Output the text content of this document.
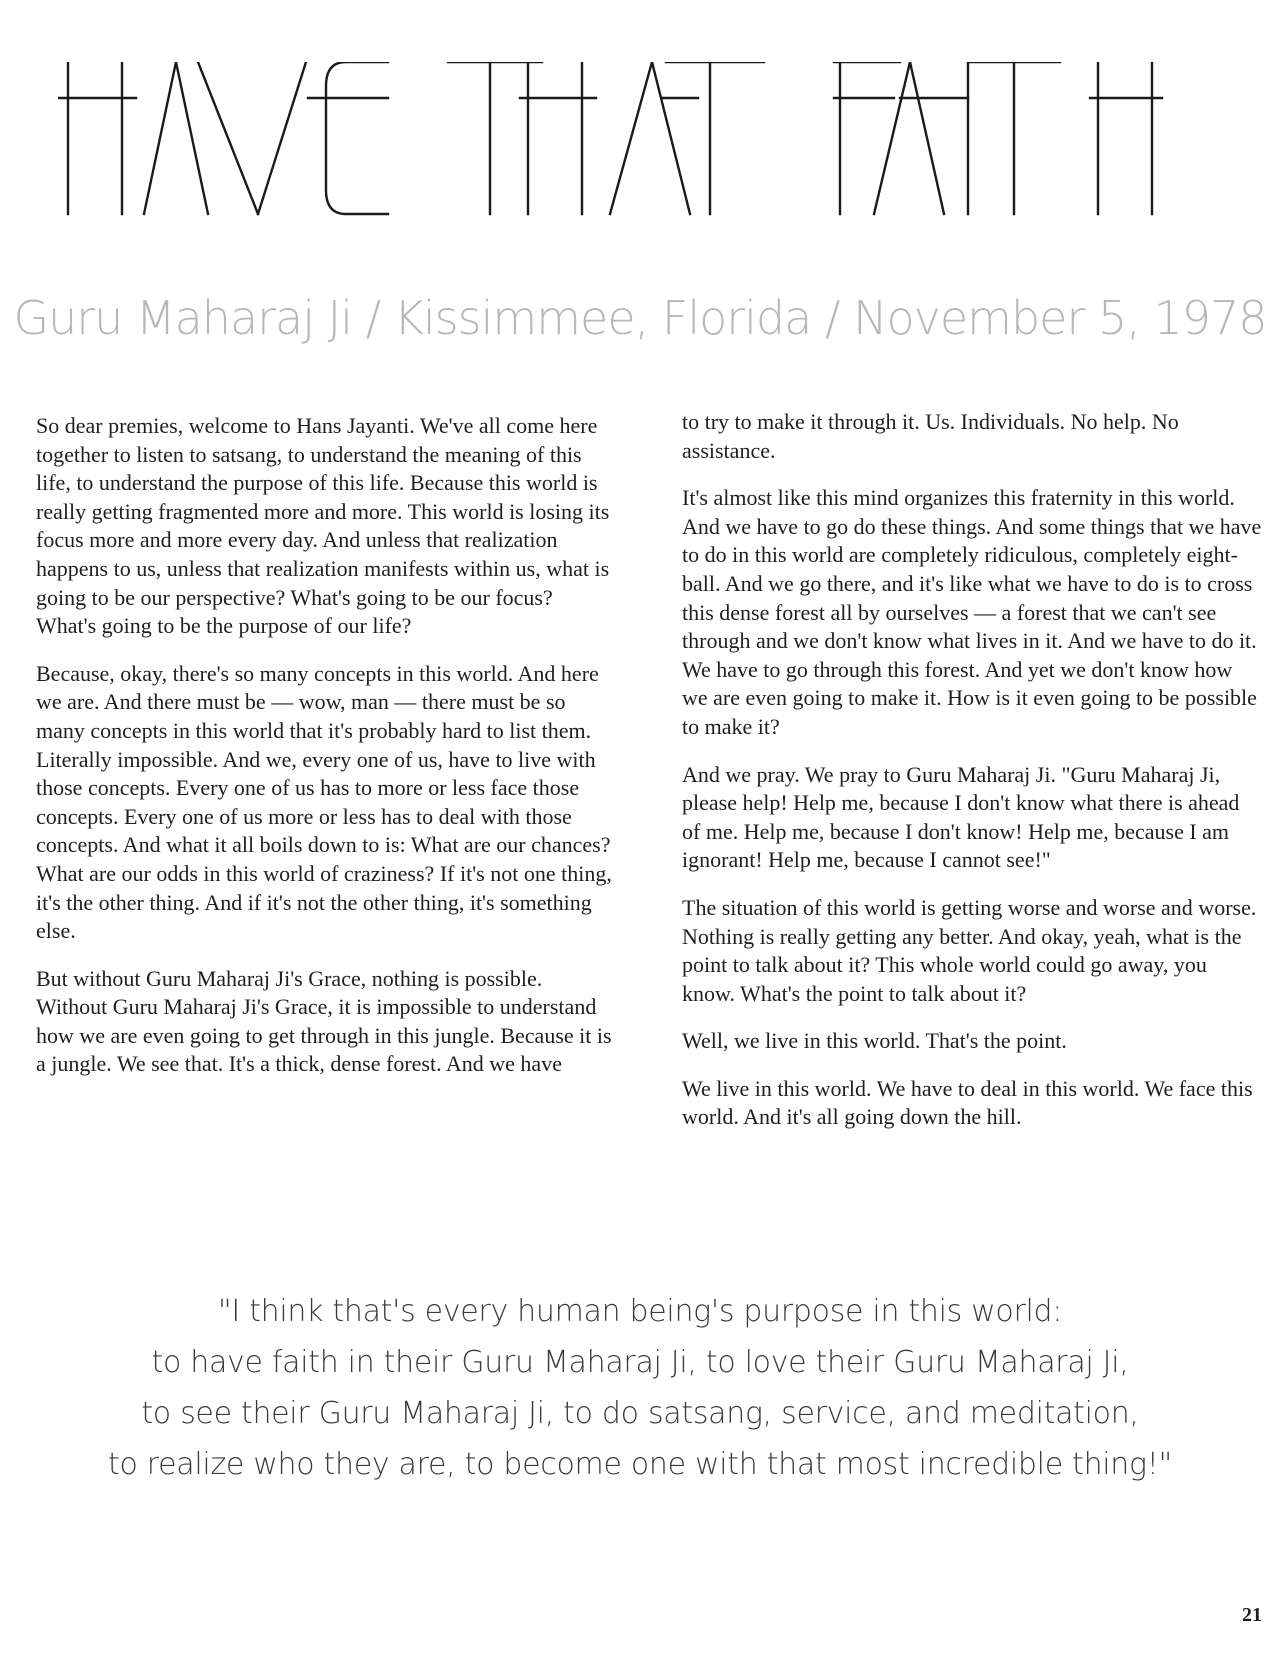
Guru Maharaj Ji / Kissimmee, Florida / November 5, 1978

So dear premies, welcome to Hans Jayanti. We've all come here together to listen to satsang, to understand the meaning of this life, to understand the purpose of this life. Because this world is really getting fragmented more and more. This world is losing its focus more and more every day. And unless that realization happens to us, unless that realization manifests within us, what is going to be our perspective? What's going to be our focus? What's going to be the purpose of our life?

Because, okay, there's so many concepts in this world. And here we are. And there must be — wow, man — there must be so many concepts in this world that it's probably hard to list them. Literally impossible. And we, every one of us, have to live with those concepts. Every one of us has to more or less face those concepts. Every one of us more or less has to deal with those concepts. And what it all boils down to is: What are our chances? What are our odds in this world of craziness? If it's not one thing, it's the other thing. And if it's not the other thing, it's something else.

But without Guru Maharaj Ji's Grace, nothing is possible. Without Guru Maharaj Ji's Grace, it is impossible to understand how we are even going to get through in this jungle. Because it is a jungle. We see that. It's a thick, dense forest. And we have

to try to make it through it. Us. Individuals. No help. No assistance.

It's almost like this mind organizes this fraternity in this world. And we have to go do these things. And some things that we have to do in this world are completely ridiculous, completely eight-ball. And we go there, and it's like what we have to do is to cross this dense forest all by ourselves — a forest that we can't see through and we don't know what lives in it. And we have to do it. We have to go through this forest. And yet we don't know how we are even going to make it. How is it even going to be possible to make it?

And we pray. We pray to Guru Maharaj Ji. "Guru Maharaj Ji, please help! Help me, because I don't know what there is ahead of me. Help me, because I don't know! Help me, because I am ignorant! Help me, because I cannot see!"

The situation of this world is getting worse and worse and worse. Nothing is really getting any better. And okay, yeah, what is the point to talk about it? This whole world could go away, you know. What's the point to talk about it?

Well, we live in this world. That's the point.

We live in this world. We have to deal in this world. We face this world. And it's all going down the hill.

"I think that's every human being's purpose in this world:
to have faith in their Guru Maharaj Ji, to love their Guru Maharaj Ji,
to see their Guru Maharaj Ji, to do satsang, service, and meditation,
to realize who they are, to become one with that most incredible thing!"
21
